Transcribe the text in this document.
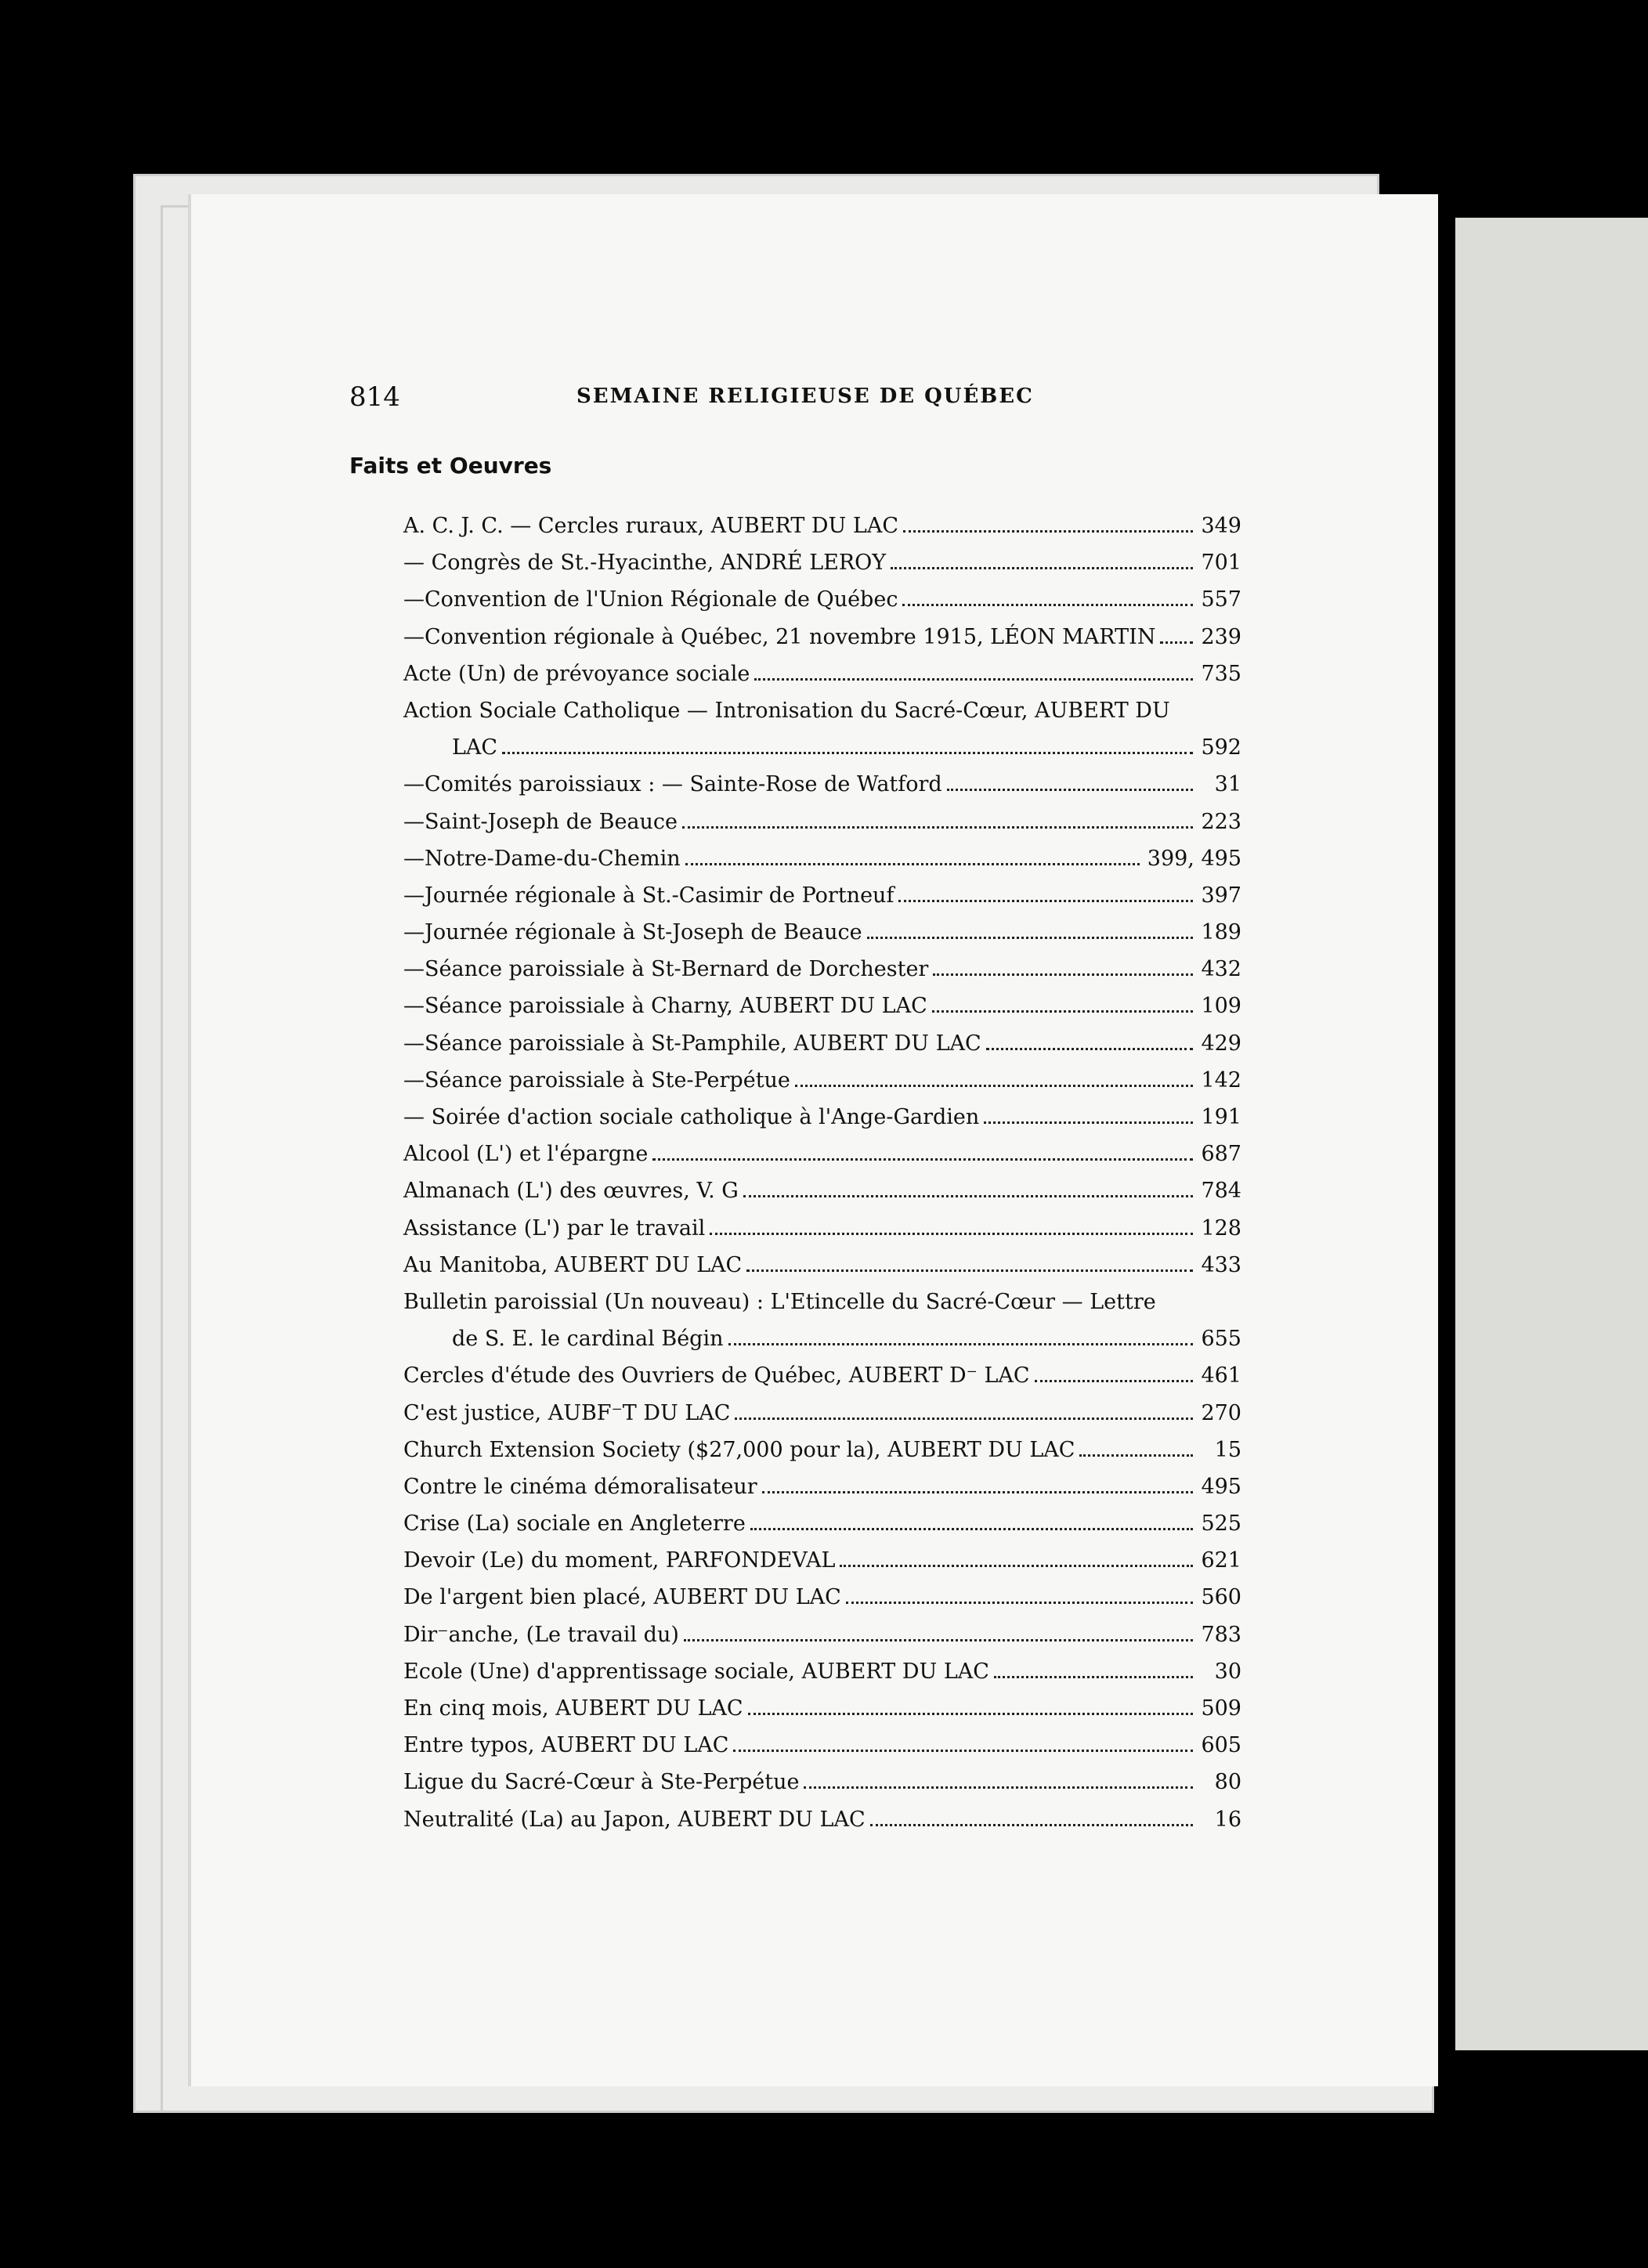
814	SEMAINE RELIGIEUSE DE QUÉBEC
Faits et Oeuvres
A. C. J. C. — Cercles ruraux, AUBERT DU LAC	349
— Congrès de St.-Hyacinthe, ANDRÉ LEROY	701
—Convention de l'Union Régionale de Québec	557
—Convention régionale à Québec, 21 novembre 1915, LÉON MARTIN 239
Acte (Un) de prévoyance sociale	735
Action Sociale Catholique — Intronisation du Sacré-Cœur, AUBERT DU
LAC	592
—Comités paroissiaux : — Sainte-Rose de Watford	31
—Saint-Joseph de Beauce	223
—Notre-Dame-du-Chemin	399, 495
—Journée régionale à St.-Casimir de Portneuf	397
—Journée régionale à St-Joseph de Beauce	189
—Séance paroissiale à St-Bernard de Dorchester	432
—Séance paroissiale à Charny, AUBERT DU LAC	109
—Séance paroissiale à St-Pamphile, AUBERT DU LAC	429
—Séance paroissiale à Ste-Perpétue	142
— Soirée d'action sociale catholique à l'Ange-Gardien	191
Alcool (L') et l'épargne	687
Almanach (L') des œuvres, V. G	784
Assistance (L') par le travail	128
Au Manitoba, AUBERT DU LAC	433
Bulletin paroissial (Un nouveau) : L'Etincelle du Sacré-Cœur — Lettre
de S. E. le cardinal Bégin	655
Cercles d'étude des Ouvriers de Québec, AUBERT D⁻ LAC	461
C'est justice, AUBF⁻T DU LAC	270
Church Extension Society ($27,000 pour la), AUBERT DU LAC	15
Contre le cinéma démoralisateur	495
Crise (La) sociale en Angleterre	525
Devoir (Le) du moment, PARFONDEVAL	621
De l'argent bien placé, AUBERT DU LAC	560
Dir⁻anche, (Le travail du)	783
Ecole (Une) d'apprentissage sociale, AUBERT DU LAC	30
En cinq mois, AUBERT DU LAC	509
Entre typos, AUBERT DU LAC	605
Ligue du Sacré-Cœur à Ste-Perpétue	80
Neutralité (La) au Japon, AUBERT DU LAC	16
